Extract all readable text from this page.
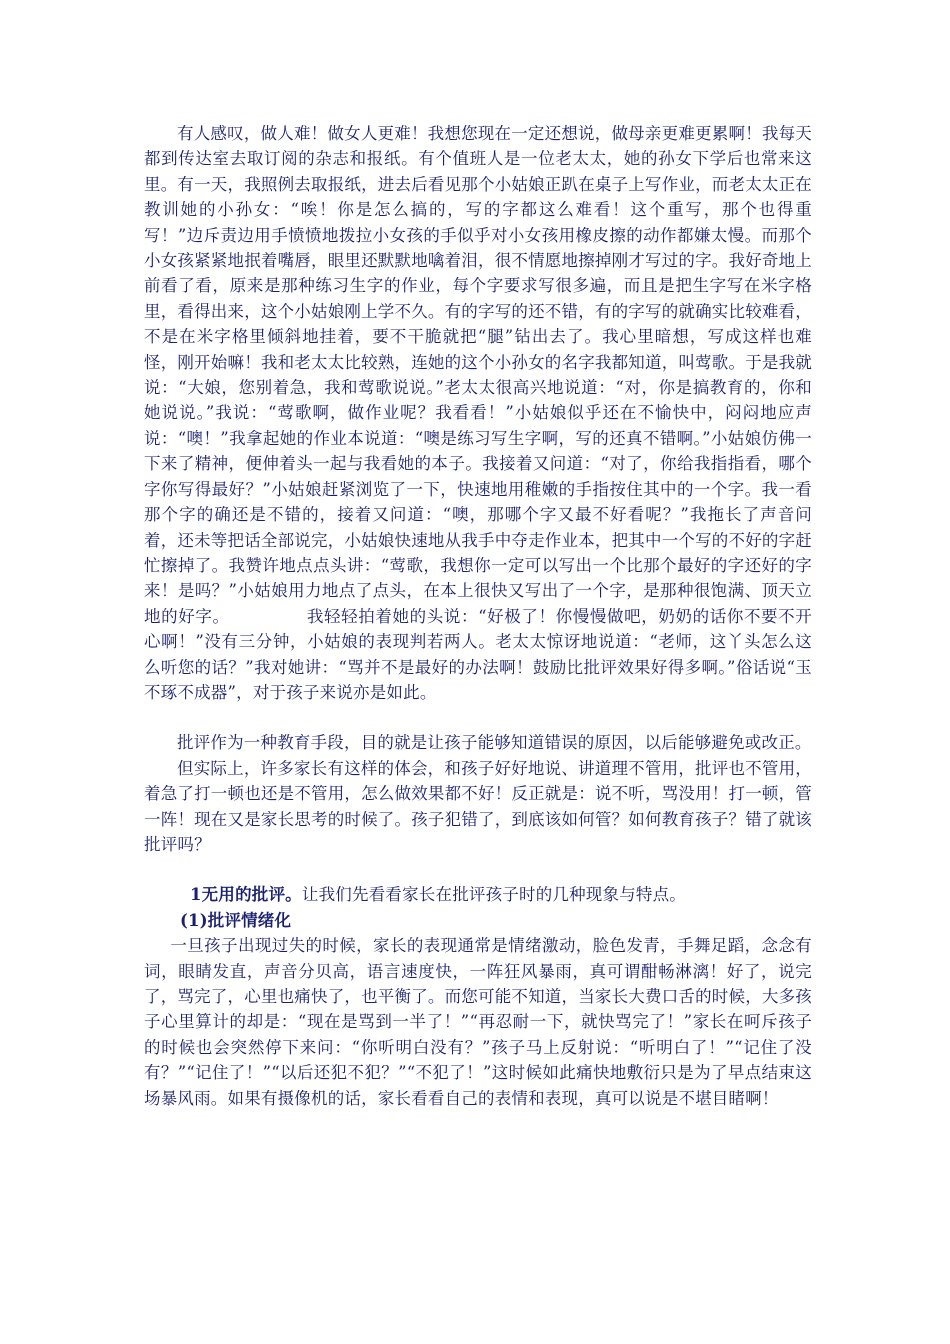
有人感叹，做人难！做女人更难！我想您现在一定还想说，做母亲更难更累啊！我每天都到传达室去取订阅的杂志和报纸。有个值班人是一位老太太，她的孙女下学后也常来这里。有一天，我照例去取报纸，进去后看见那个小姑娘正趴在桌子上写作业，而老太太正在教训她的小孙女：“唉！你是怎么搞的，写的字都这么难看！这个重写，那个也得重写！”边斥责边用手愤愤地拨拉小女孩的手似乎对小女孩用橡皮擦的动作都嫌太慢。而那个小女孩紧紧地抿着嘴唇，眼里还默默地噙着泪，很不情愿地擦掉刚才写过的字。我好奇地上前看了看，原来是那种练习生字的作业，每个字要求写很多遍，而且是把生字写在米字格里，看得出来，这个小姑娘刚上学不久。有的字写的还不错，有的字写的就确实比较难看，不是在米字格里倾斜地挂着，要不干脆就把“腿”钻出去了。我心里暗想，写成这样也难怪，刚开始嘛！我和老太太比较熟，连她的这个小孙女的名字我都知道，叫莺歌。于是我就说：“大娘，您别着急，我和莺歌说说。”老太太很高兴地说道：“对，你是搞教育的，你和她说说。”我说：“莺歌啊，做作业呢？我看看！”小姑娘似乎还在不愉快中，闷闷地应声说：“噢！”我拿起她的作业本说道：“噢是练习写生字啊，写的还真不错啊。”小姑娘仿佛一下来了精神，便伸着头一起与我看她的本子。我接着又问道：“对了，你给我指指看，哪个字你写得最好？”小姑娘赶紧浏览了一下，快速地用稚嫩的手指按住其中的一个字。我一看那个字的确还是不错的，接着又问道：“噢，那哪个字又最不好看呢？”我拖长了声音问着，还未等把话全部说完，小姑娘快速地从我手中夺走作业本，把其中一个写的不好的字赶忙擦掉了。我赞许地点点头讲：“莺歌，我想你一定可以写出一个比那个最好的字还好的字来！是吗？”小姑娘用力地点了点头，在本上很快又写出了一个字，是那种很饱满、顶天立地的好字。　　　　　我轻轻拍着她的头说：“好极了！你慢慢做吧，奶奶的话你不要不开心啊！”没有三分钟，小姑娘的表现判若两人。老太太惊讶地说道：“老师，这丫头怎么这么听您的话？”我对她讲：“骂并不是最好的办法啊！鼓励比批评效果好得多啊。”俗话说“玉不琢不成器”，对于孩子来说亦是如此。

批评作为一种教育手段，目的就是让孩子能够知道错误的原因，以后能够避免或改正。

但实际上，许多家长有这样的体会，和孩子好好地说、讲道理不管用，批评也不管用，着急了打一顿也还是不管用，怎么做效果都不好！反正就是：说不听，骂没用！打一顿，管一阵！现在又是家长思考的时候了。孩子犯错了，到底该如何管？如何教育孩子？错了就该批评吗？

1无用的批评。让我们先看看家长在批评孩子时的几种现象与特点。

(1)批评情绪化

一旦孩子出现过失的时候，家长的表现通常是情绪激动，脸色发青，手舞足蹈，念念有词，眼睛发直，声音分贝高，语言速度快，一阵狂风暴雨，真可谓酣畅淋漓！好了，说完了，骂完了，心里也痛快了，也平衡了。而您可能不知道，当家长大费口舌的时候，大多孩子心里算计的却是：“现在是骂到一半了！”“再忍耐一下，就快骂完了！”家长在呵斥孩子的时候也会突然停下来问：“你听明白没有？”孩子马上反射说：“听明白了！”“记住了没有？”“记住了！”“以后还犯不犯？”“不犯了！”这时候如此痛快地敷衍只是为了早点结束这场暴风雨。如果有摄像机的话，家长看看自己的表情和表现，真可以说是不堪目睹啊！
